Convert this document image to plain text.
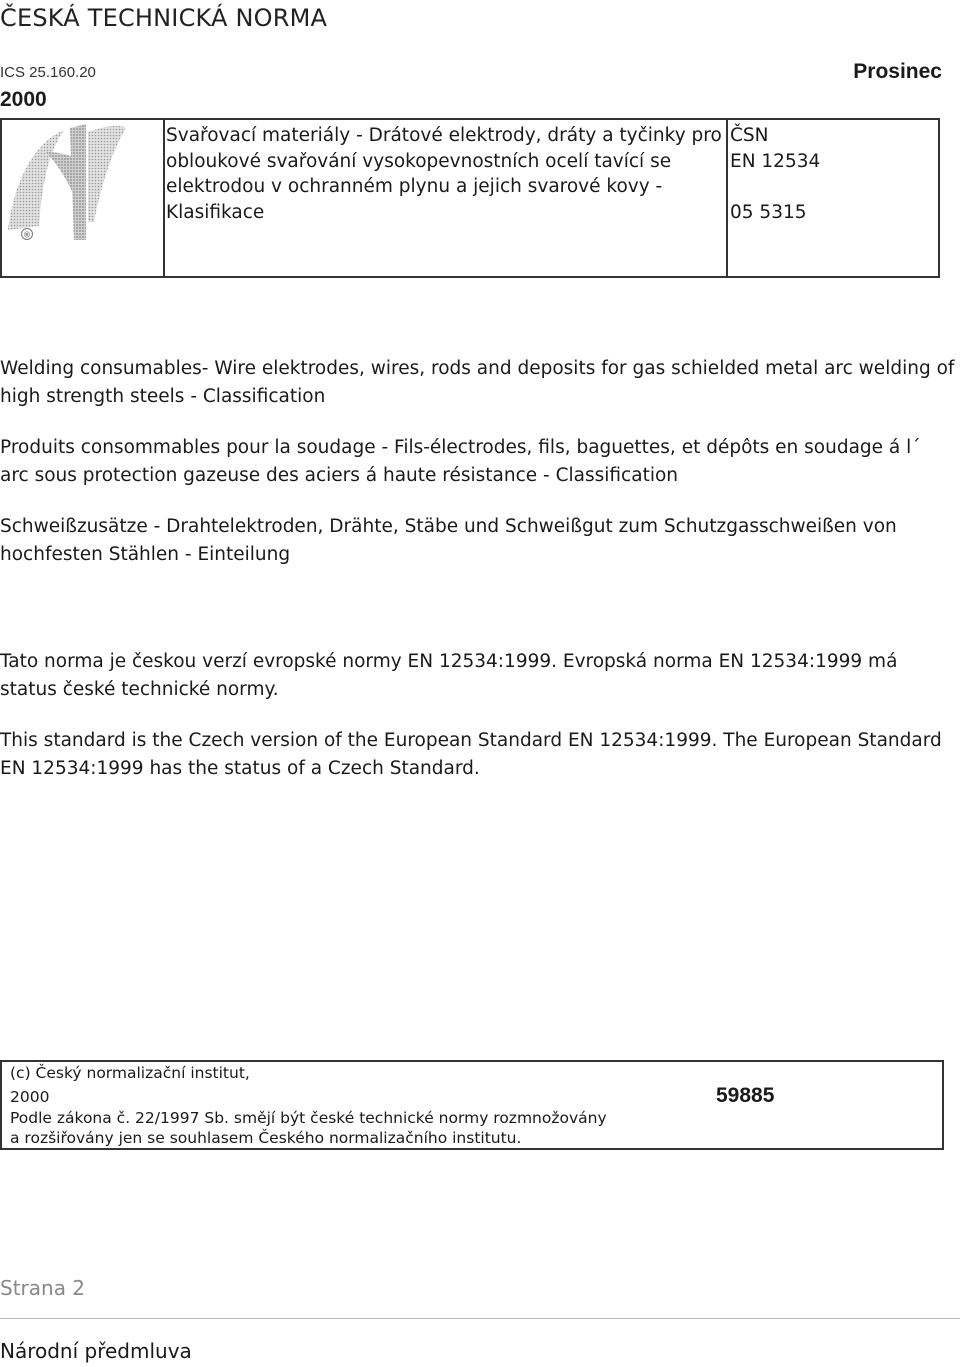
ČESKÁ TECHNICKÁ NORMA
ICS 25.160.20	Prosinec
2000
®
Svařovací materiály - Drátové elektrody, dráty a tyčinky pro obloukové svařování vysokopevnostních ocelí tavící se elektrodou v ochranném plynu a jejich svarové kovy - Klasifikace
ČSN
EN 12534
05 5315
Welding consumables- Wire elektrodes, wires, rods and deposits for gas schielded metal arc welding of high strength steels - Classification
Produits consommables pour la soudage - Fils-électrodes, fils, baguettes, et dépôts en soudage á l´ arc sous protection gazeuse des aciers á haute résistance - Classification
Schweißzusätze - Drahtelektroden, Drähte, Stäbe und Schweißgut zum Schutzgasschweißen von hochfesten Stählen - Einteilung
Tato norma je českou verzí evropské normy EN 12534:1999. Evropská norma EN 12534:1999 má status české technické normy.
This standard is the Czech version of the European Standard EN 12534:1999. The European Standard EN 12534:1999 has the status of a Czech Standard.
(c) Český normalizační institut,
2000	59885
Podle zákona č. 22/1997 Sb. smějí být české technické normy rozmnožovány
a rozšiřovány jen se souhlasem Českého normalizačního institutu.
Strana 2
Národní předmluva
